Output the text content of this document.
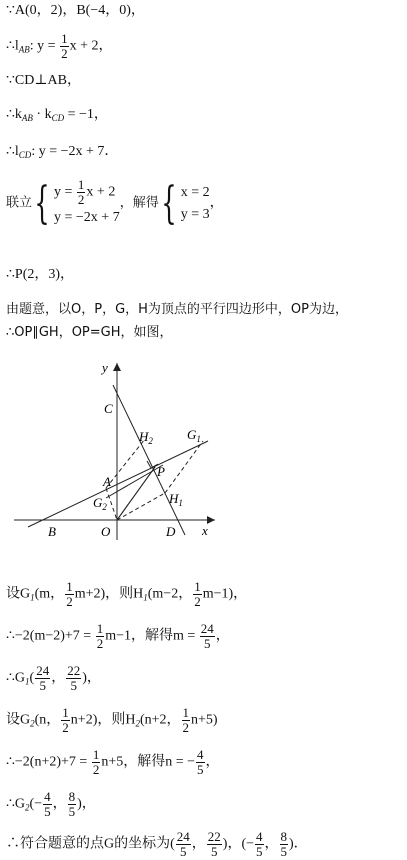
∵A(0，2)，B(−4，0)，
$\therefore l_{AB}$: $y = \frac{1}{2}$ x + 2，
∵CD⊥AB，
$\therefore k_{AB} \cdot k_{CD} = -1$，
$\therefore l_{CD}$: y = −2x + 7．
联立{ $y = \frac{1}{2}$ x + 2
y = −2x + 7
，解得{ x = 2
y = 3
，
∴P(2，3)，
由题意，以O，P，G，H为顶点的平行四边形中，OP为边，
∴OP∥GH，OP=GH，如图，
y
x
C
$H_2$	$G_1$
A
P
$H_1$
$G_2$
B	O	D
设$G_1(m$， $\frac{1}{2} m+2$)，则$H_1(m-2$， $\frac{1}{2} m-1$)，
∴−2(m−2)+7 = $\frac{1}{2} m-1$，解得$m = \frac{24}{5}$ ，
$\therefore G_1( \frac{24}{5}$ ， $\frac{22}{5}$ )，
设$G_2(n$， $\frac{1}{2} n+2$)，则$H_2(n+2$， $\frac{1}{2} n+5$)
∴−2(n+2)+7 = $\frac{1}{2} n+5$，解得n = − $\frac{4}{5}$ ，
$\therefore G_2(- \frac{4}{5}$ ， $\frac{8}{5}$ )，
∴符合题意的点G的坐标为( $\frac{24}{5}$ ， $\frac{22}{5}$ )，(− $\frac{4}{5}$ ， $\frac{8}{5}$ )．
